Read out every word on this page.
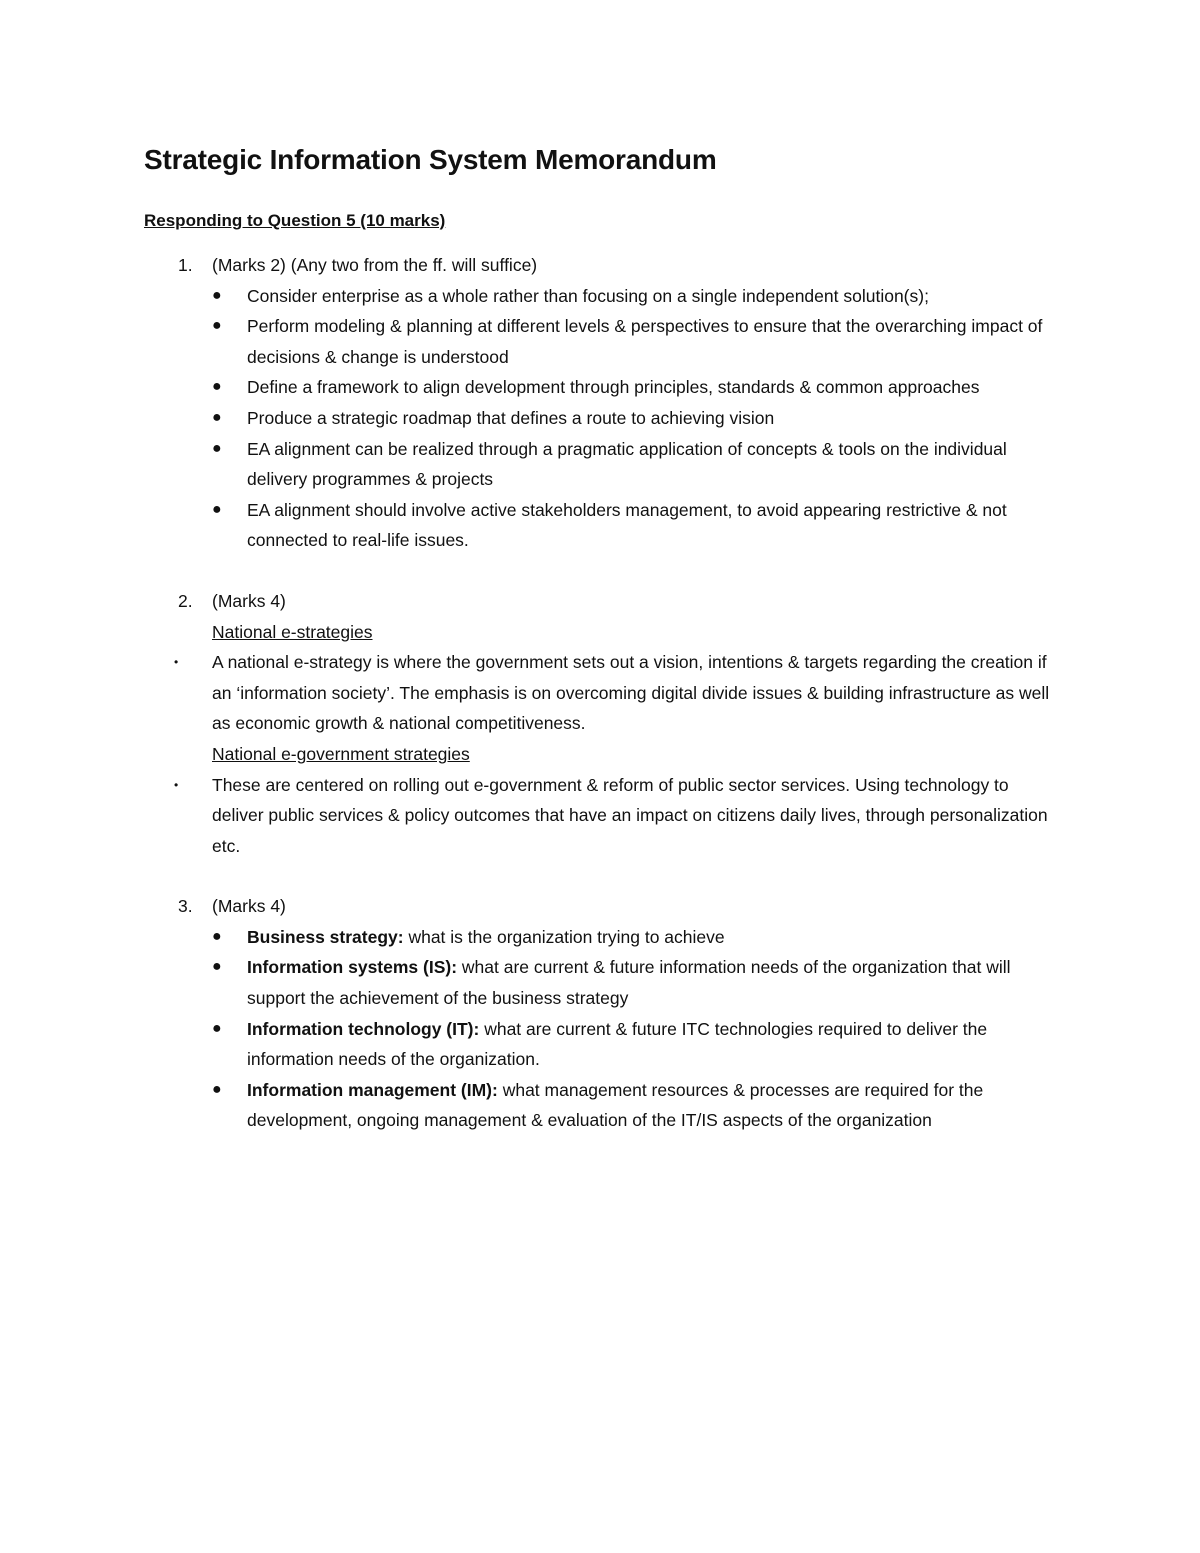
Strategic Information System Memorandum
Responding to Question 5 (10 marks)
1. (Marks 2) (Any two from the ff. will suffice)
● Consider enterprise as a whole rather than focusing on a single independent solution(s);
● Perform modeling & planning at different levels & perspectives to ensure that the overarching impact of decisions & change is understood
● Define a framework to align development through principles, standards & common approaches
● Produce a strategic roadmap that defines a route to achieving vision
● EA alignment can be realized through a pragmatic application of concepts & tools on the individual delivery programmes & projects
● EA alignment should involve active stakeholders management, to avoid appearing restrictive & not connected to real-life issues.
2. (Marks 4)
National e-strategies
• A national e-strategy is where the government sets out a vision, intentions & targets regarding the creation if an ‘information society’. The emphasis is on overcoming digital divide issues & building infrastructure as well as economic growth & national competitiveness.
National e-government strategies
• These are centered on rolling out e-government & reform of public sector services. Using technology to deliver public services & policy outcomes that have an impact on citizens daily lives, through personalization etc.
3. (Marks 4)
● Business strategy: what is the organization trying to achieve
● Information systems (IS): what are current & future information needs of the organization that will support the achievement of the business strategy
● Information technology (IT): what are current & future ITC technologies required to deliver the information needs of the organization.
● Information management (IM): what management resources & processes are required for the development, ongoing management & evaluation of the IT/IS aspects of the organization
